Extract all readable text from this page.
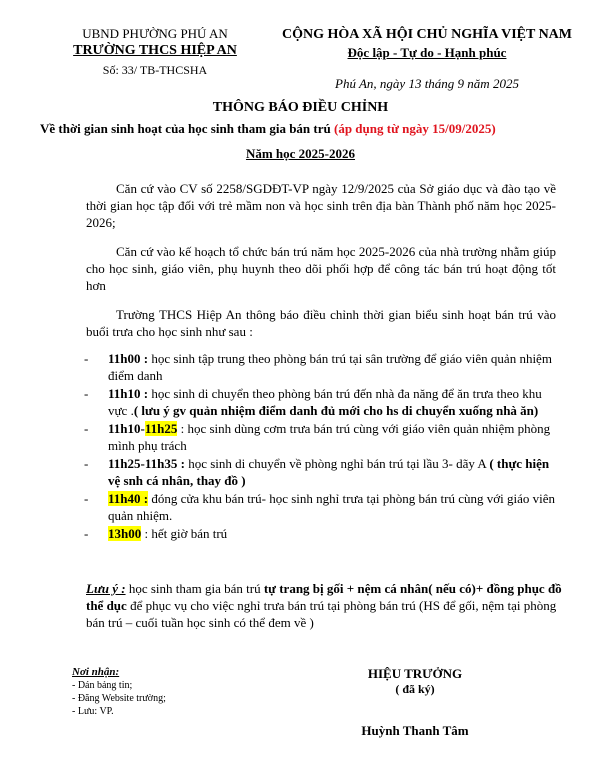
UBND PHƯỜNG PHÚ AN
TRƯỜNG THCS HIỆP AN
Số: 33/ TB-THCSHA
CỘNG HÒA XÃ HỘI CHỦ NGHĨA VIỆT NAM
Độc lập - Tự do - Hạnh phúc
Phú An, ngày 13 tháng 9 năm 2025
THÔNG BÁO ĐIỀU CHỈNH
Về thời gian sinh hoạt của học sinh tham gia bán trú (áp dụng từ ngày 15/09/2025)
Năm học 2025-2026
Căn cứ vào CV số 2258/SGDĐT-VP ngày 12/9/2025 của Sở giáo dục và đào tạo về thời gian học tập đối với trẻ mầm non và học sinh trên địa bàn Thành phố năm học 2025-2026;
Căn cứ vào kế hoạch tổ chức bán trú năm học 2025-2026 của nhà trường nhằm giúp cho học sinh, giáo viên, phụ huynh theo dõi phối hợp để công tác bán trú hoạt động tốt hơn
Trường THCS Hiệp An thông báo điều chỉnh thời gian biểu sinh hoạt bán trú vào buổi trưa cho học sinh như sau :
- 11h00 : học sinh tập trung theo phòng bán trú tại sân trường để giáo viên quản nhiệm điểm danh
- 11h10 : học sinh di chuyển theo phòng bán trú đến nhà đa năng để ăn trưa theo khu vực .( lưu ý gv quản nhiệm điểm danh đủ mới cho hs di chuyển xuống nhà ăn)
- 11h10-11h25 : học sinh dùng cơm trưa bán trú cùng với giáo viên quản nhiệm phòng mình phụ trách
- 11h25-11h35 : học sinh di chuyển về phòng nghỉ bán trú tại lầu 3- dãy A ( thực hiện vệ snh cá nhân, thay đồ )
- 11h40 : đóng cửa khu bán trú- học sinh nghỉ trưa tại phòng bán trú cùng với giáo viên quản nhiệm.
- 13h00 : hết giờ bán trú
Lưu ý : học sinh tham gia bán trú tự trang bị gối + nệm cá nhân( nếu có)+ đồng phục đồ thể dục để phục vụ cho việc nghỉ trưa bán trú tại phòng bán trú (HS để gối, nệm tại phòng bán trú – cuối tuần học sinh có thể đem về )
Nơi nhận:
- Dán bảng tin;
- Đăng Website trường;
- Lưu: VP.
HIỆU TRƯỞNG
( đã ký)
Huỳnh Thanh Tâm
